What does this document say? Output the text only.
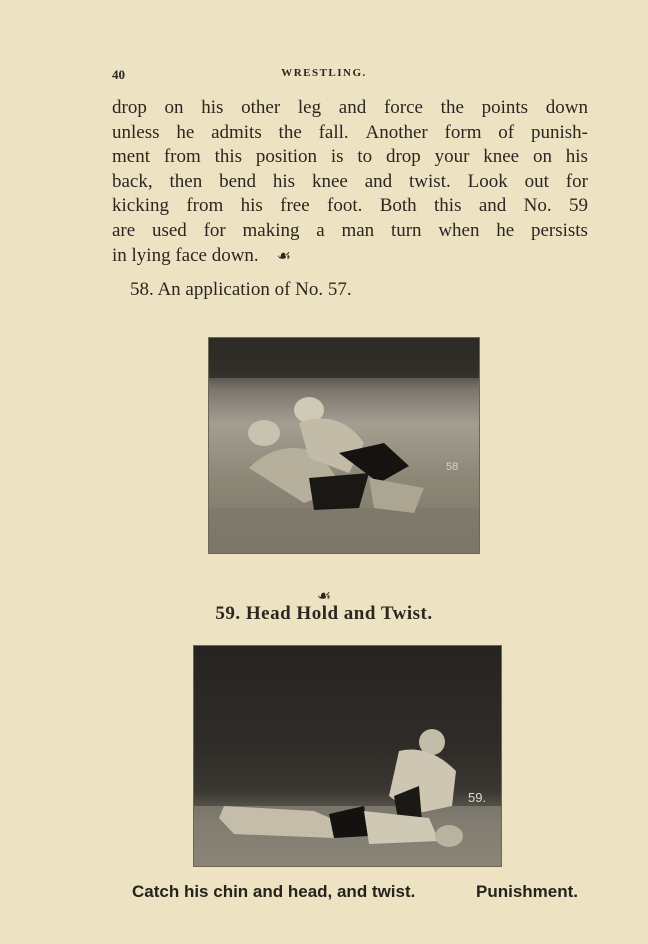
40	WRESTLING.
drop on his other leg and force the points down
unless he admits the fall. Another form of punish-
ment from this position is to drop your knee on his
back, then bend his knee and twist. Look out for
kicking from his free foot. Both this and No. 59
are used for making a man turn when he persists
in lying face down. ☙
58. An application of No. 57.
58
☙
59. Head Hold and Twist.
59.
Catch his chin and head, and twist.	Punishment.
